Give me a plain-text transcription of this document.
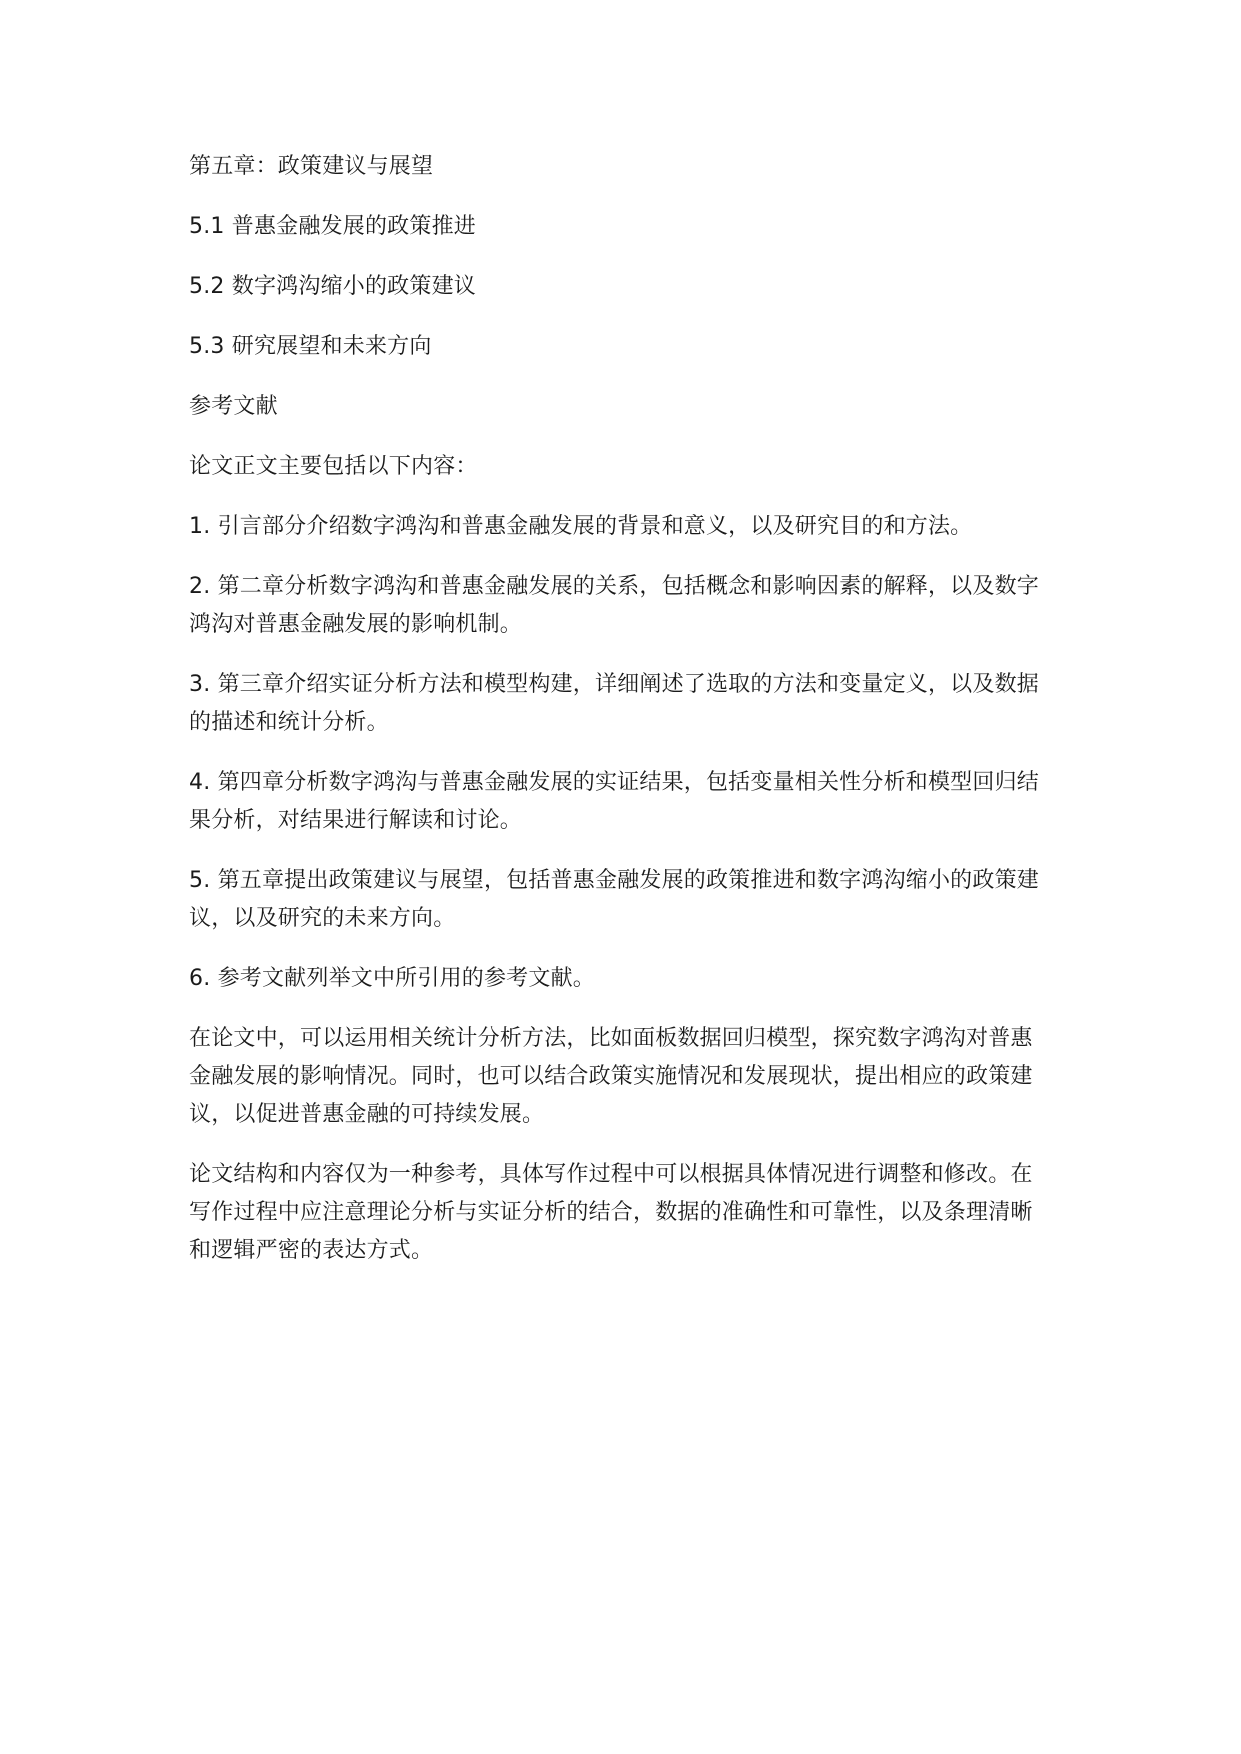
第五章：政策建议与展望

5.1 普惠金融发展的政策推进

5.2 数字鸿沟缩小的政策建议

5.3 研究展望和未来方向

参考文献

论文正文主要包括以下内容：

1. 引言部分介绍数字鸿沟和普惠金融发展的背景和意义，以及研究目的和方法。

2. 第二章分析数字鸿沟和普惠金融发展的关系，包括概念和影响因素的解释，以及数字鸿沟对普惠金融发展的影响机制。

3. 第三章介绍实证分析方法和模型构建，详细阐述了选取的方法和变量定义，以及数据的描述和统计分析。

4. 第四章分析数字鸿沟与普惠金融发展的实证结果，包括变量相关性分析和模型回归结果分析，对结果进行解读和讨论。

5. 第五章提出政策建议与展望，包括普惠金融发展的政策推进和数字鸿沟缩小的政策建议，以及研究的未来方向。

6. 参考文献列举文中所引用的参考文献。

在论文中，可以运用相关统计分析方法，比如面板数据回归模型，探究数字鸿沟对普惠金融发展的影响情况。同时，也可以结合政策实施情况和发展现状，提出相应的政策建议，以促进普惠金融的可持续发展。

论文结构和内容仅为一种参考，具体写作过程中可以根据具体情况进行调整和修改。在写作过程中应注意理论分析与实证分析的结合，数据的准确性和可靠性，以及条理清晰和逻辑严密的表达方式。
